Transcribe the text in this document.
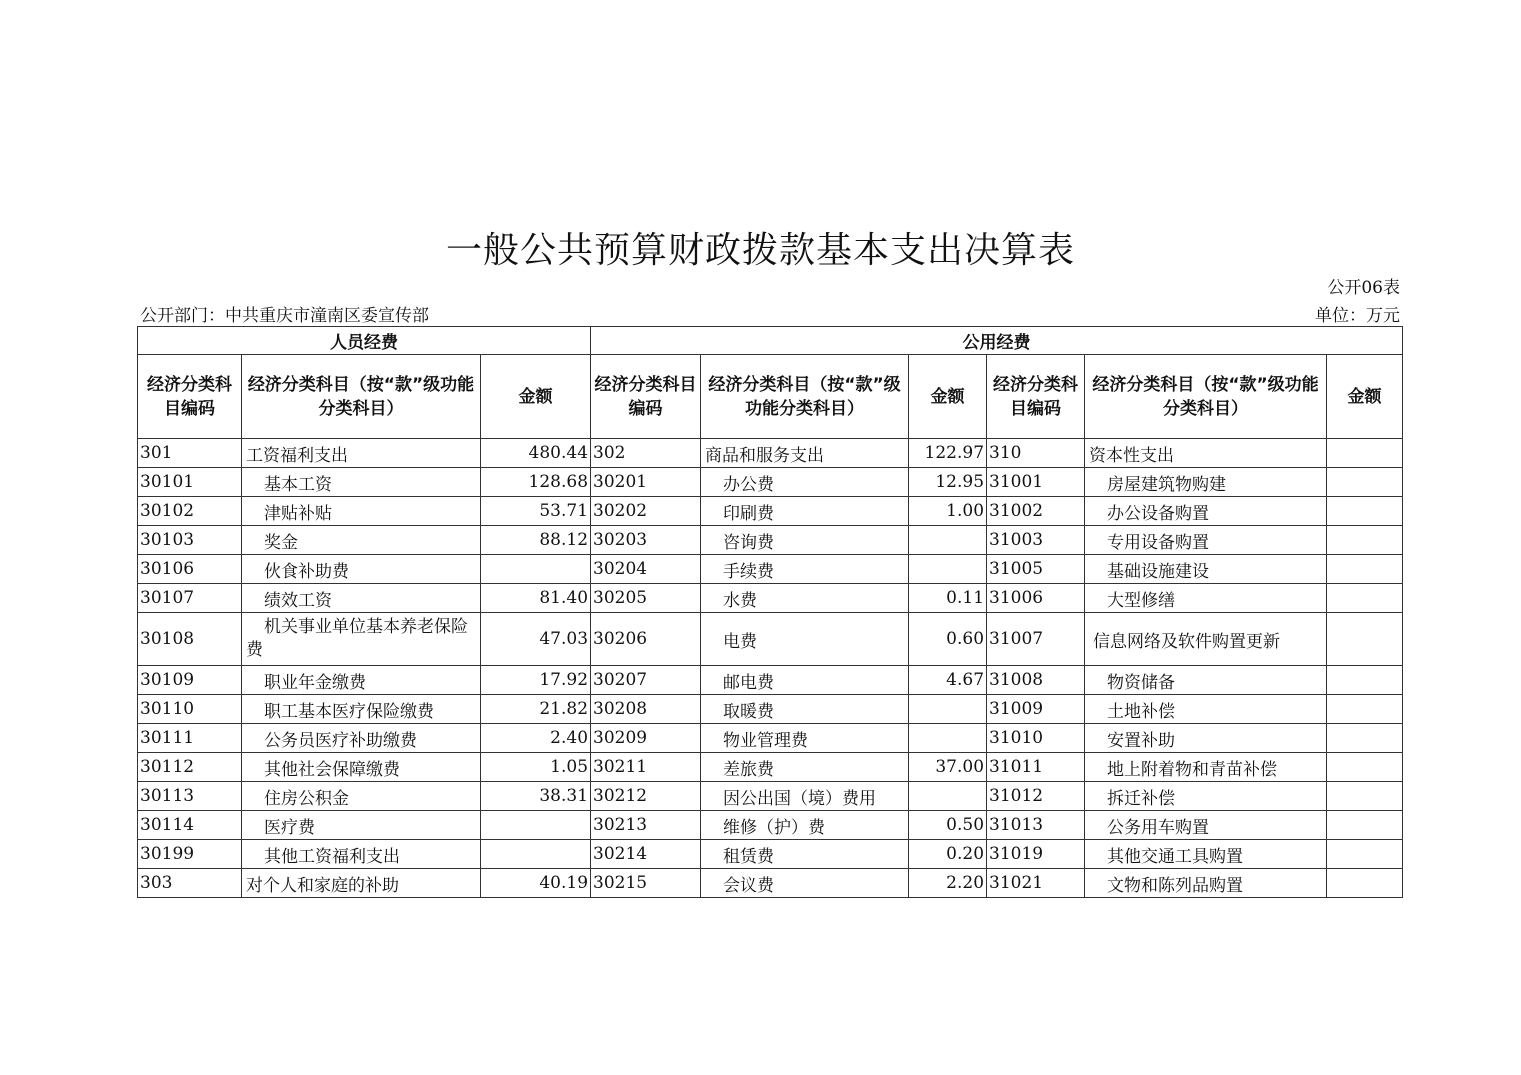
一般公共预算财政拨款基本支出决算表
公开06表
公开部门：中共重庆市潼南区委宣传部	单位：万元
人员经费			公用经费					
经济分类科目编码	经济分类科目（按“款”级功能分类科目）	金额	经济分类科目编码	经济分类科目（按“款”级功能分类科目）	金额	经济分类科目编码	经济分类科目（按“款”级功能分类科目）	金额
301	工资福利支出	480.44	302	商品和服务支出	122.97	310	资本性支出	
30101	基本工资	128.68	30201	办公费	12.95	31001	房屋建筑物购建	
30102	津贴补贴	53.71	30202	印刷费	1.00	31002	办公设备购置	
30103	奖金	88.12	30203	咨询费		31003	专用设备购置	
30106	伙食补助费		30204	手续费		31005	基础设施建设	
30107	绩效工资	81.40	30205	水费	0.11	31006	大型修缮	
30108	机关事业单位基本养老保险费	47.03	30206	电费	0.60	31007	信息网络及软件购置更新	
30109	职业年金缴费	17.92	30207	邮电费	4.67	31008	物资储备	
30110	职工基本医疗保险缴费	21.82	30208	取暖费		31009	土地补偿	
30111	公务员医疗补助缴费	2.40	30209	物业管理费		31010	安置补助	
30112	其他社会保障缴费	1.05	30211	差旅费	37.00	31011	地上附着物和青苗补偿	
30113	住房公积金	38.31	30212	因公出国（境）费用		31012	拆迁补偿	
30114	医疗费		30213	维修（护）费	0.50	31013	公务用车购置	
30199	其他工资福利支出		30214	租赁费	0.20	31019	其他交通工具购置	
303	对个人和家庭的补助	40.19	30215	会议费	2.20	31021	文物和陈列品购置	
